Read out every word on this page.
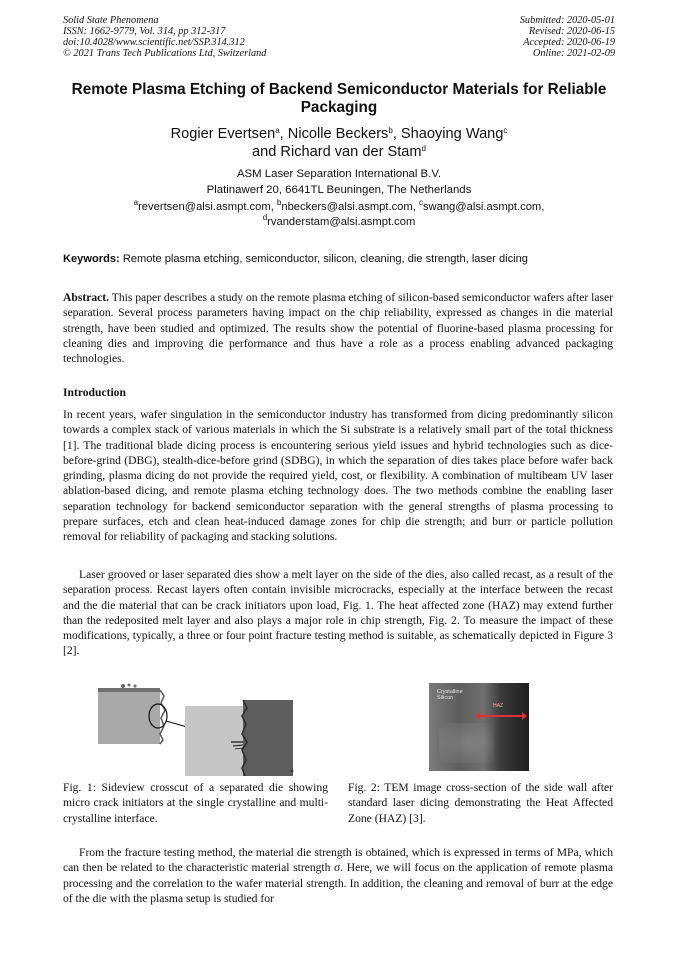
Solid State Phenomena
ISSN: 1662-9779, Vol. 314, pp 312-317
doi:10.4028/www.scientific.net/SSP.314.312
© 2021 Trans Tech Publications Ltd, Switzerland
Submitted: 2020-05-01
Revised: 2020-06-15
Accepted: 2020-06-19
Online: 2021-02-09
Remote Plasma Etching of Backend Semiconductor Materials for Reliable Packaging
Rogier Evertsen$^a$, Nicolle Beckers$^b$, Shaoying Wang$^c$
and Richard van der Stam$^d$
ASM Laser Separation International B.V.
Platinawerf 20, 6641TL Beuningen, The Netherlands
$^a$revertsen@alsi.asmpt.com, $^b$nbeckers@alsi.asmpt.com, $^c$swang@alsi.asmpt.com,
$^d$rvanderstam@alsi.asmpt.com
Keywords: Remote plasma etching, semiconductor, silicon, cleaning, die strength, laser dicing

Abstract. This paper describes a study on the remote plasma etching of silicon-based semiconductor wafers after laser separation. Several process parameters having impact on the chip reliability, expressed as changes in die material strength, have been studied and optimized. The results show the potential of fluorine-based plasma processing for cleaning dies and improving die performance and thus have a role as a process enabling advanced packaging technologies.

Introduction

In recent years, wafer singulation in the semiconductor industry has transformed from dicing predominantly silicon towards a complex stack of various materials in which the Si substrate is a relatively small part of the total thickness [1]. The traditional blade dicing process is encountering serious yield issues and hybrid technologies such as dice-before-grind (DBG), stealth-dice-before grind (SDBG), in which the separation of dies takes place before wafer back grinding, plasma dicing do not provide the required yield, cost, or flexibility. A combination of multibeam UV laser ablation-based dicing, and remote plasma etching technology does. The two methods combine the enabling laser separation technology for backend semiconductor separation with the general strengths of plasma processing to prepare surfaces, etch and clean heat-induced damage zones for chip die strength; and burr or particle pollution removal for reliability of packaging and stacking solutions.

Laser grooved or laser separated dies show a melt layer on the side of the dies, also called recast, as a result of the separation process. Recast layers often contain invisible microcracks, especially at the interface between the recast and the die material that can be crack initiators upon load, Fig. 1. The heat affected zone (HAZ) may extend further than the redeposited melt layer and also plays a major role in chip strength, Fig. 2. To measure the impact of these modifications, typically, a three or four point fracture testing method is suitable, as schematically depicted in Figure 3 [2].

Crystalline
Silicon
HAZ

Fig. 1: Sideview crosscut of a separated die showing micro crack initiators at the single crystalline and multi-crystalline interface.

Fig. 2: TEM image cross-section of the side wall after standard laser dicing demonstrating the Heat Affected Zone (HAZ) [3].

From the fracture testing method, the material die strength is obtained, which is expressed in terms of MPa, which can then be related to the characteristic material strength σ. Here, we will focus on the application of remote plasma processing and the correlation to the wafer material strength. In addition, the cleaning and removal of burr at the edge of the die with the plasma setup is studied for
